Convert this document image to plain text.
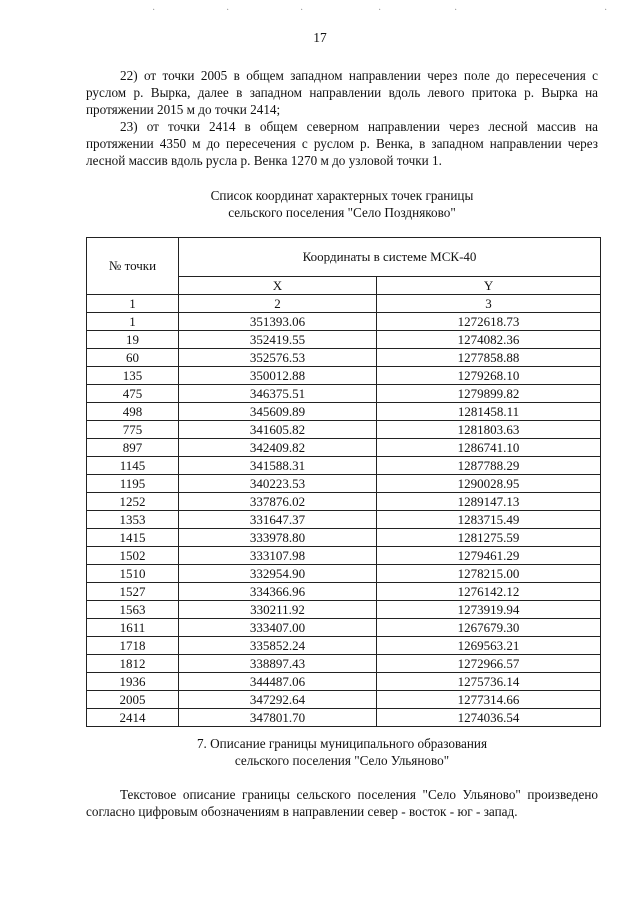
·	·	·	·	·	·
17

22) от точки 2005 в общем западном направлении через поле до пересечения с руслом р. Вырка, далее в западном направлении вдоль левого притока р. Вырка на протяжении 2015 м до точки 2414;

23) от точки 2414 в общем северном направлении через лесной массив на протяжении 4350 м до пересечения с руслом р. Венка, в западном направлении через лесной массив вдоль русла р. Венка 1270 м до узловой точки 1.

Список координат характерных точек границы
сельского поселения "Село Поздняково"
№ точки	Координаты в системе МСК-40	
	X	Y
1	2	3
1	351393.06	1272618.73
19	352419.55	1274082.36
60	352576.53	1277858.88
135	350012.88	1279268.10
475	346375.51	1279899.82
498	345609.89	1281458.11
775	341605.82	1281803.63
897	342409.82	1286741.10
1145	341588.31	1287788.29
1195	340223.53	1290028.95
1252	337876.02	1289147.13
1353	331647.37	1283715.49
1415	333978.80	1281275.59
1502	333107.98	1279461.29
1510	332954.90	1278215.00
1527	334366.96	1276142.12
1563	330211.92	1273919.94
1611	333407.00	1267679.30
1718	335852.24	1269563.21
1812	338897.43	1272966.57
1936	344487.06	1275736.14
2005	347292.64	1277314.66
2414	347801.70	1274036.54
7. Описание границы муниципального образования
сельского поселения "Село Ульяново"

Текстовое описание границы сельского поселения "Село Ульяново" произведено согласно цифровым обозначениям в направлении север - восток - юг - запад.
